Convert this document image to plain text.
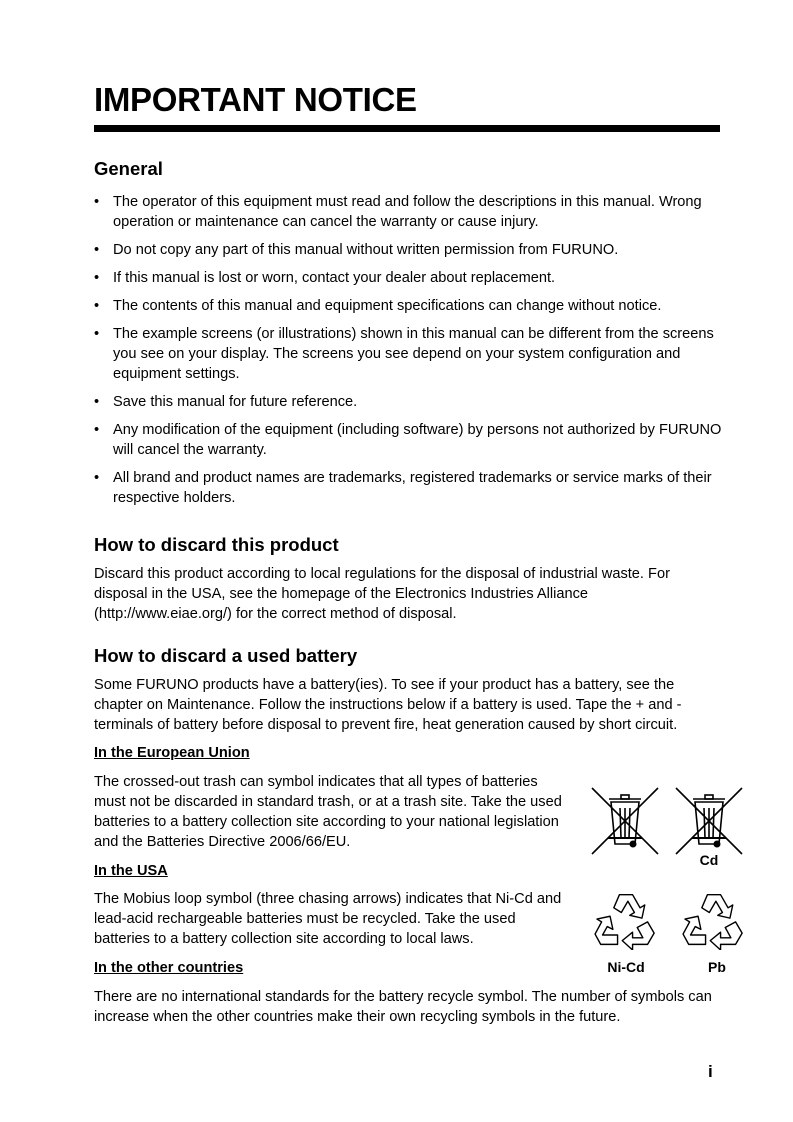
IMPORTANT NOTICE
General
• The operator of this equipment must read and follow the descriptions in this manual. Wrong operation or maintenance can cancel the warranty or cause injury.
• Do not copy any part of this manual without written permission from FURUNO.
• If this manual is lost or worn, contact your dealer about replacement.
• The contents of this manual and equipment specifications can change without notice.
• The example screens (or illustrations) shown in this manual can be different from the screens you see on your display. The screens you see depend on your system configuration and equipment settings.
• Save this manual for future reference.
• Any modification of the equipment (including software) by persons not authorized by FURUNO will cancel the warranty.
• All brand and product names are trademarks, registered trademarks or service marks of their respective holders.
How to discard this product

Discard this product according to local regulations for the disposal of industrial waste. For disposal in the USA, see the homepage of the Electronics Industries Alliance (http://www.eiae.org/) for the correct method of disposal.

How to discard a used battery

Some FURUNO products have a battery(ies). To see if your product has a battery, see the chapter on Maintenance. Follow the instructions below if a battery is used. Tape the + and - terminals of battery before disposal to prevent fire, heat generation caused by short circuit.

In the European Union

The crossed-out trash can symbol indicates that all types of batteries must not be discarded in standard trash, or at a trash site. Take the used batteries to a battery collection site according to your national legislation and the Batteries Directive 2006/66/EU.

In the USA

The Mobius loop symbol (three chasing arrows) indicates that Ni-Cd and lead-acid rechargeable batteries must be recycled. Take the used batteries to a battery collection site according to local laws.

In the other countries

There are no international standards for the battery recycle symbol. The number of symbols can increase when the other countries make their own recycling symbols in the future.

Cd

Ni-Cd	Pb

i
